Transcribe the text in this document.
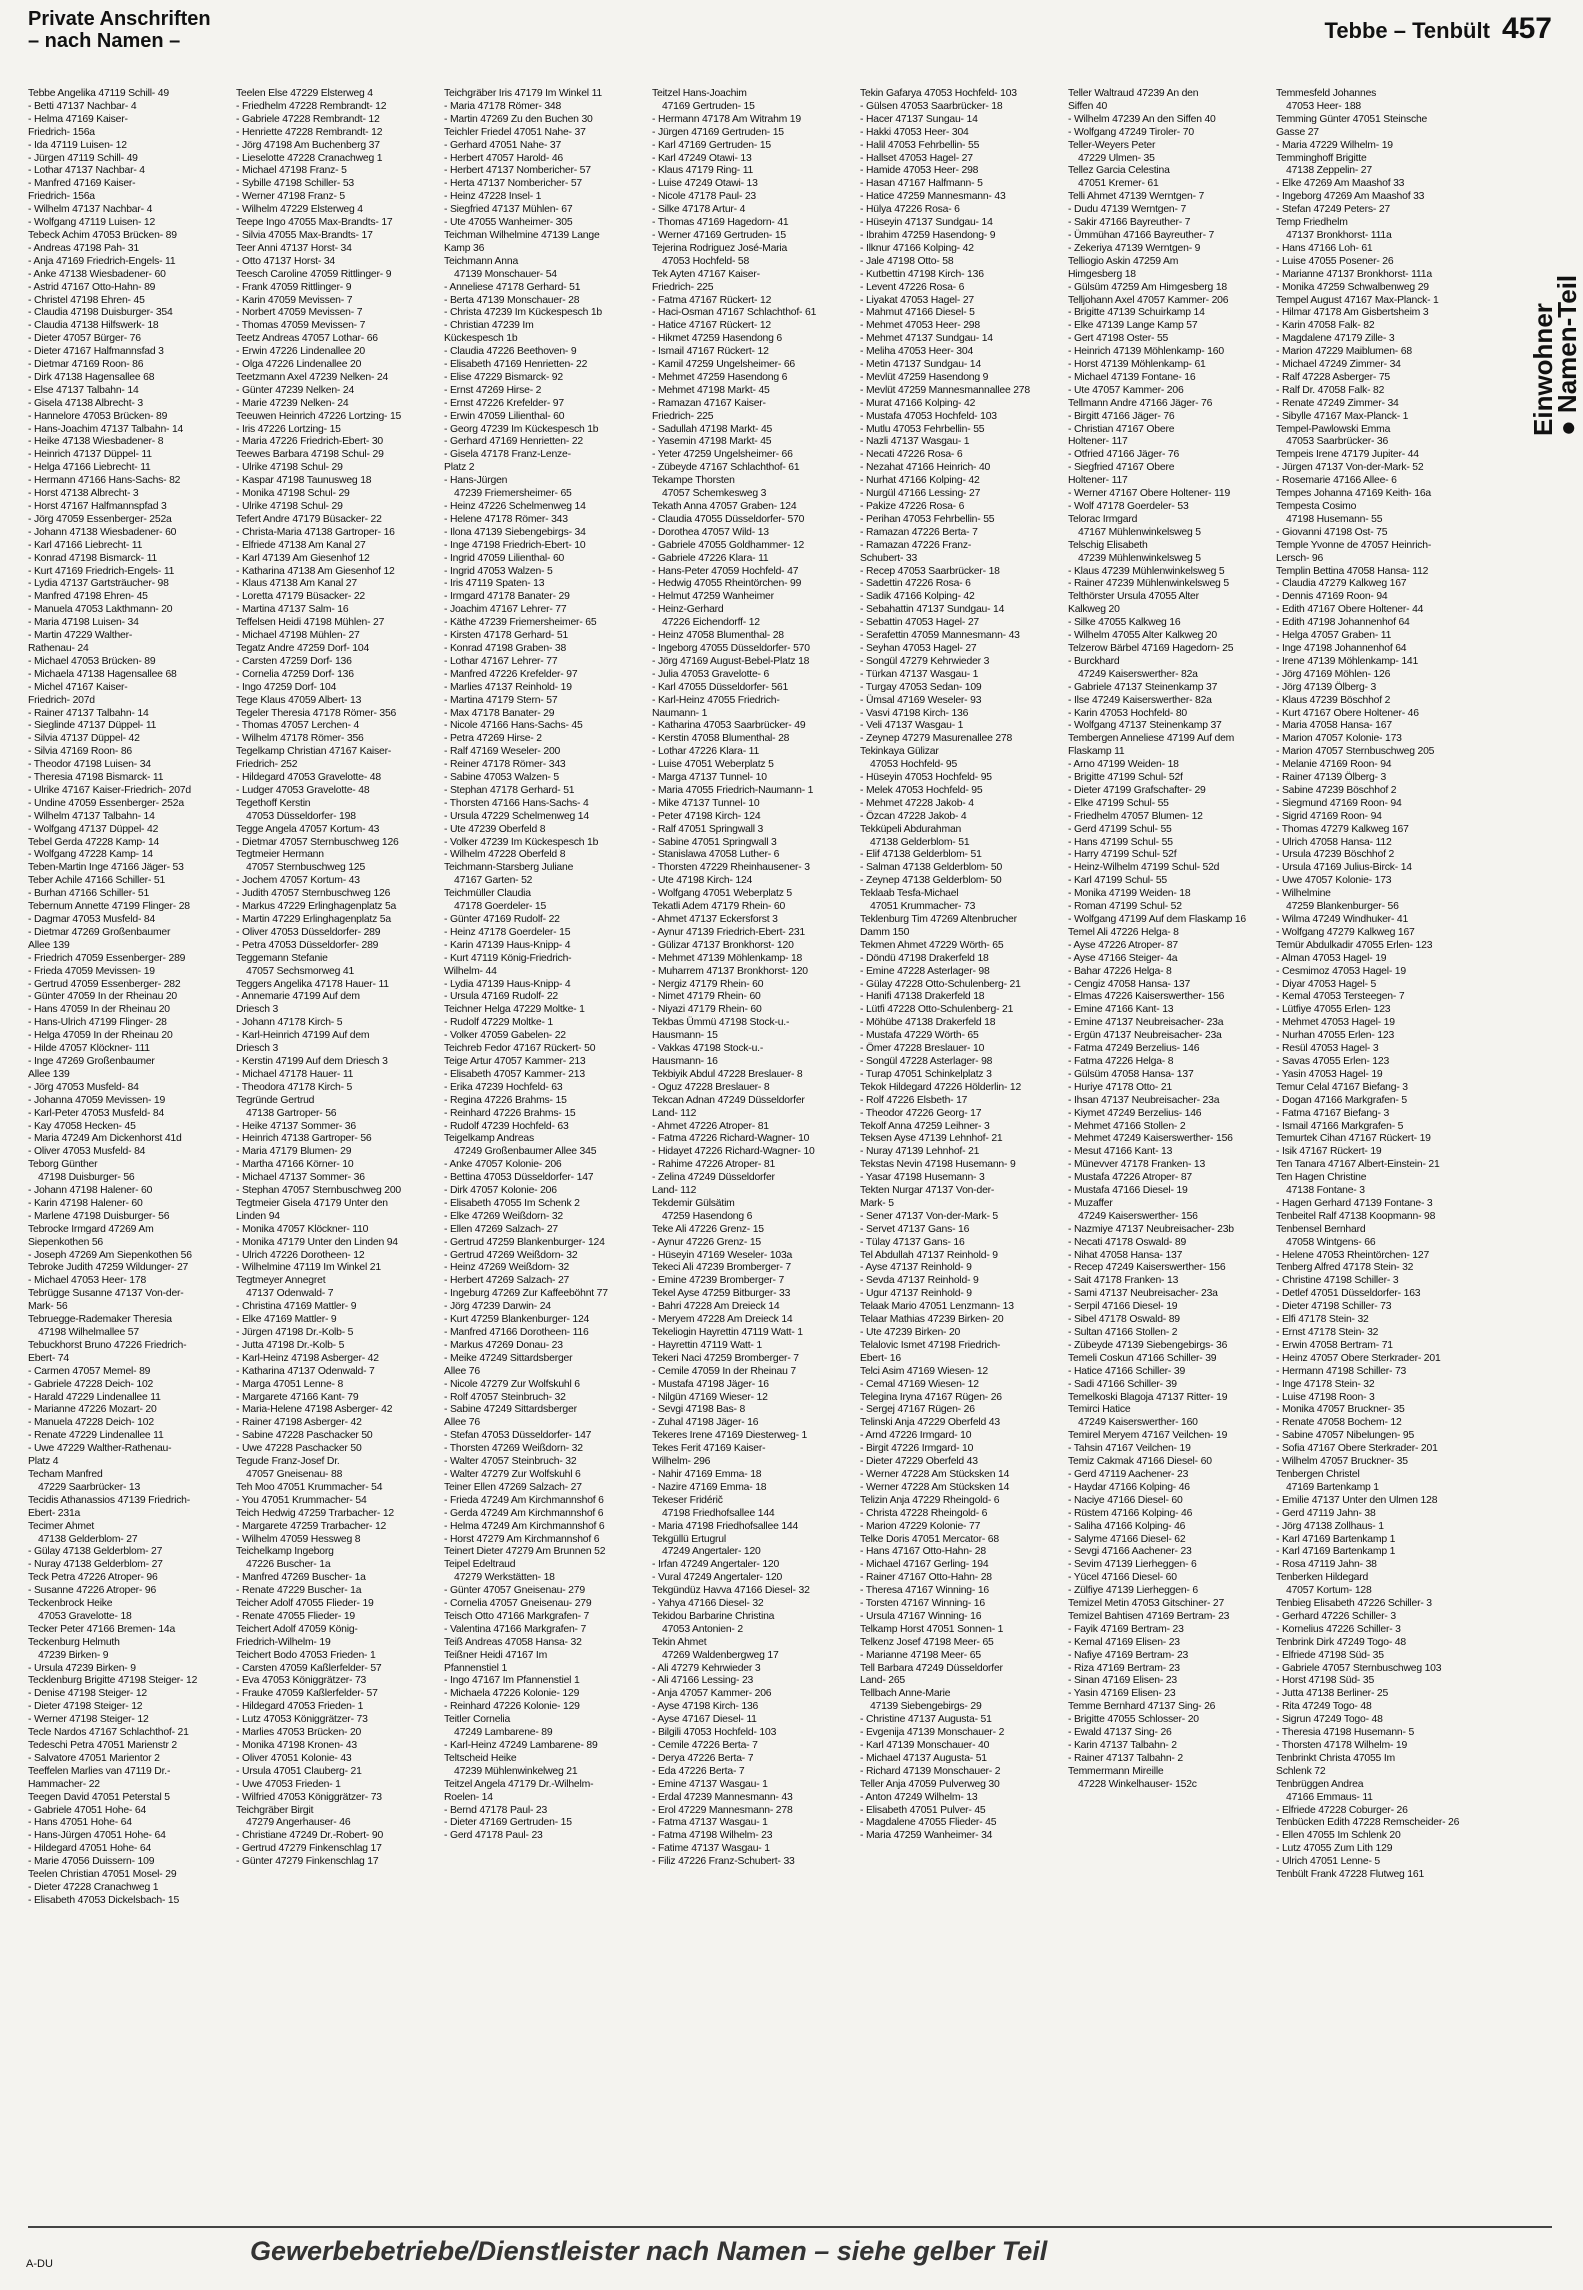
Private Anschriften
– nach Namen –	Tebbe – Tenbült 457
Tebbe Angelika 47119 Schill- 49
- Betti 47137 Nachbar- 4
- Helma 47169 Kaiser-
Friedrich- 156a
- Ida 47119 Luisen- 12
- Jürgen 47119 Schill- 49
- Lothar 47137 Nachbar- 4
- Manfred 47169 Kaiser-
Friedrich- 156a
- Wilhelm 47137 Nachbar- 4
- Wolfgang 47119 Luisen- 12
Tebeck Achim 47053 Brücken- 89
- Andreas 47198 Pah- 31
- Anja 47169 Friedrich-Engels- 11
- Anke 47138 Wiesbadener- 60
- Astrid 47167 Otto-Hahn- 89
- Christel 47198 Ehren- 45
- Claudia 47198 Duisburger- 354
- Claudia 47138 Hilfswerk- 18
- Dieter 47057 Bürger- 76
- Dieter 47167 Halfmannsfad 3
- Dietmar 47169 Roon- 86
- Dirk 47138 Hagensallee 68
- Else 47137 Talbahn- 14
- Gisela 47138 Albrecht- 3
- Hannelore 47053 Brücken- 89
- Hans-Joachim 47137 Talbahn- 14
- Heike 47138 Wiesbadener- 8
- Heinrich 47137 Düppel- 11
- Helga 47166 Liebrecht- 11
- Hermann 47166 Hans-Sachs- 82
- Horst 47138 Albrecht- 3
- Horst 47167 Halfmannspfad 3
- Jörg 47059 Essenberger- 252a
- Johann 47138 Wiesbadener- 60
- Karl 47166 Liebrecht- 11
- Konrad 47198 Bismarck- 11
- Kurt 47169 Friedrich-Engels- 11
- Lydia 47137 Gartsträucher- 98
- Manfred 47198 Ehren- 45
- Manuela 47053 Lakthmann- 20
- Maria 47198 Luisen- 34
- Martin 47229 Walther-
Rathenau- 24
- Michael 47053 Brücken- 89
- Michaela 47138 Hagensallee 68
- Michel 47167 Kaiser-
Friedrich- 207d
- Rainer 47137 Talbahn- 14
- Sieglinde 47137 Düppel- 11
- Silvia 47137 Düppel- 42
- Silvia 47169 Roon- 86
- Theodor 47198 Luisen- 34
- Theresia 47198 Bismarck- 11
- Ulrike 47167 Kaiser-Friedrich- 207d
- Undine 47059 Essenberger- 252a
- Wilhelm 47137 Talbahn- 14
- Wolfgang 47137 Düppel- 42
Tebel Gerda 47228 Kamp- 14
- Wolfgang 47228 Kamp- 14
Teben-Martin Inge 47166 Jäger- 53
Teber Achile 47166 Schiller- 51
- Burhan 47166 Schiller- 51
Tebernum Annette 47199 Flinger- 28
- Dagmar 47053 Musfeld- 84
- Dietmar 47269 Großenbaumer
Allee 139
- Friedrich 47059 Essenberger- 289
- Frieda 47059 Mevissen- 19
- Gertrud 47059 Essenberger- 282
- Günter 47059 In der Rheinau 20
- Hans 47059 In der Rheinau 20
- Hans-Ulrich 47199 Flinger- 28
- Helga 47059 In der Rheinau 20
- Hilde 47057 Klöckner- 111
- Inge 47269 Großenbaumer
Allee 139
- Jörg 47053 Musfeld- 84
- Johanna 47059 Mevissen- 19
- Karl-Peter 47053 Musfeld- 84
- Kay 47058 Hecken- 45
- Maria 47249 Am Dickenhorst 41d
- Oliver 47053 Musfeld- 84
Teborg Günther
47198 Duisburger- 56
- Johann 47198 Halener- 60
- Karin 47198 Halener- 60
- Marlene 47198 Duisburger- 56
Tebrocke Irmgard 47269 Am
Siepenkothen 56
- Joseph 47269 Am Siepenkothen 56
Tebroke Judith 47259 Wildunger- 27
- Michael 47053 Heer- 178
Tebrügge Susanne 47137 Von-der-
Mark- 56
Tebruegge-Rademaker Theresia
47198 Wilhelmallee 57
Tebuckhorst Bruno 47226 Friedrich-
Ebert- 74
- Carmen 47057 Memel- 89
- Gabriele 47228 Deich- 102
- Harald 47229 Lindenallee 11
- Marianne 47226 Mozart- 20
- Manuela 47228 Deich- 102
- Renate 47229 Lindenallee 11
- Uwe 47229 Walther-Rathenau-
Platz 4
Techam Manfred
47229 Saarbrücker- 13
Tecidis Athanassios 47139 Friedrich-
Ebert- 231a
Tecimer Ahmet
47138 Gelderblom- 27
- Gülay 47138 Gelderblom- 27
- Nuray 47138 Gelderblom- 27
Teck Petra 47226 Atroper- 96
- Susanne 47226 Atroper- 96
Teckenbrock Heike
47053 Gravelotte- 18
Tecker Peter 47166 Bremen- 14a
Teckenburg Helmuth
47239 Birken- 9
- Ursula 47239 Birken- 9
Tecklenburg Brigitte 47198 Steiger- 12
- Denise 47198 Steiger- 12
- Dieter 47198 Steiger- 12
- Werner 47198 Steiger- 12
Tecle Nardos 47167 Schlachthof- 21
Tedeschi Petra 47051 Marienstr 2
- Salvatore 47051 Marientor 2
Teeffelen Marlies van 47119 Dr.-
Hammacher- 22
Teegen David 47051 Peterstal 5
- Gabriele 47051 Hohe- 64
- Hans 47051 Hohe- 64
- Hans-Jürgen 47051 Hohe- 64
- Hildegard 47051 Hohe- 64
- Marie 47056 Duissern- 109
Teelen Christian 47051 Mosel- 29
- Dieter 47228 Cranachweg 1
- Elisabeth 47053 Dickelsbach- 15
Teelen Else 47229 Elsterweg 4
- Friedhelm 47228 Rembrandt- 12
- Gabriele 47228 Rembrandt- 12
- Henriette 47228 Rembrandt- 12
- Jörg 47198 Am Buchenberg 37
- Lieselotte 47228 Cranachweg 1
- Michael 47198 Franz- 5
- Sybille 47198 Schiller- 53
- Werner 47198 Franz- 5
- Wilhelm 47229 Elsterweg 4
Teepe Ingo 47055 Max-Brandts- 17
- Silvia 47055 Max-Brandts- 17
Teer Anni 47137 Horst- 34
- Otto 47137 Horst- 34
Teesch Caroline 47059 Rittlinger- 9
- Frank 47059 Rittlinger- 9
- Karin 47059 Mevissen- 7
- Norbert 47059 Mevissen- 7
- Thomas 47059 Mevissen- 7
Teetz Andreas 47057 Lothar- 66
- Erwin 47226 Lindenallee 20
- Olga 47226 Lindenallee 20
Teetzmann Axel 47239 Nelken- 24
- Günter 47239 Nelken- 24
- Marie 47239 Nelken- 24
Teeuwen Heinrich 47226 Lortzing- 15
- Iris 47226 Lortzing- 15
- Maria 47226 Friedrich-Ebert- 30
Teewes Barbara 47198 Schul- 29
- Ulrike 47198 Schul- 29
- Kaspar 47198 Taunusweg 18
- Monika 47198 Schul- 29
- Ulrike 47198 Schul- 29
Tefert Andre 47179 Büsacker- 22
- Christa-Maria 47138 Gartroper- 16
- Elfriede 47138 Am Kanal 27
- Karl 47139 Am Giesenhof 12
- Katharina 47138 Am Giesenhof 12
- Klaus 47138 Am Kanal 27
- Loretta 47179 Büsacker- 22
- Martina 47137 Salm- 16
Teffelsen Heidi 47198 Mühlen- 27
- Michael 47198 Mühlen- 27
Tegatz Andre 47259 Dorf- 104
- Carsten 47259 Dorf- 136
- Cornelia 47259 Dorf- 136
- Ingo 47259 Dorf- 104
Tege Klaus 47059 Albert- 13
Tegeler Theresia 47178 Römer- 356
- Thomas 47057 Lerchen- 4
- Wilhelm 47178 Römer- 356
Tegelkamp Christian 47167 Kaiser-
Friedrich- 252
- Hildegard 47053 Gravelotte- 48
- Ludger 47053 Gravelotte- 48
Tegethoff Kerstin
47053 Düsseldorfer- 198
Tegge Angela 47057 Kortum- 43
- Dietmar 47057 Sternbuschweg 126
Tegtmeier Hermann
47057 Sternbuschweg 125
- Jochem 47057 Kortum- 43
- Judith 47057 Sternbuschweg 126
- Markus 47229 Erlinghagenplatz 5a
- Martin 47229 Erlinghagenplatz 5a
- Oliver 47053 Düsseldorfer- 289
- Petra 47053 Düsseldorfer- 289
Teggemann Stefanie
47057 Sechsmorweg 41
Teggers Angelika 47178 Hauer- 11
- Annemarie 47199 Auf dem
Driesch 3
- Johann 47178 Kirch- 5
- Karl-Heinrich 47199 Auf dem
Driesch 3
- Kerstin 47199 Auf dem Driesch 3
- Michael 47178 Hauer- 11
- Theodora 47178 Kirch- 5
Tegründe Gertrud
47138 Gartroper- 56
- Heike 47137 Sommer- 36
- Heinrich 47138 Gartroper- 56
- Maria 47179 Blumen- 29
- Martha 47166 Körner- 10
- Michael 47137 Sommer- 36
- Stephan 47057 Sternbuschweg 200
Tegtmeier Gisela 47179 Unter den
Linden 94
- Monika 47057 Klöckner- 110
- Monika 47179 Unter den Linden 94
- Ulrich 47226 Dorotheen- 12
- Wilhelmine 47119 Im Winkel 21
Tegtmeyer Annegret
47137 Odenwald- 7
- Christina 47169 Mattler- 9
- Elke 47169 Mattler- 9
- Jürgen 47198 Dr.-Kolb- 5
- Jutta 47198 Dr.-Kolb- 5
- Karl-Heinz 47198 Asberger- 42
- Katharina 47137 Odenwald- 7
- Marga 47051 Lenne- 8
- Margarete 47166 Kant- 79
- Maria-Helene 47198 Asberger- 42
- Rainer 47198 Asberger- 42
- Sabine 47228 Paschacker 50
- Uwe 47228 Paschacker 50
Tegude Franz-Josef Dr.
47057 Gneisenau- 88
Teh Moo 47051 Krummacher- 54
- You 47051 Krummacher- 54
Teich Hedwig 47259 Trarbacher- 12
- Margarete 47259 Trarbacher- 12
- Wilhelm 47059 Hessweg 8
Teichelkamp Ingeborg
47226 Buscher- 1a
- Manfred 47269 Buscher- 1a
- Renate 47229 Buscher- 1a
Teicher Adolf 47055 Flieder- 19
- Renate 47055 Flieder- 19
Teichert Adolf 47059 König-
Friedrich-Wilhelm- 19
Teichert Bodo 47053 Frieden- 1
- Carsten 47059 Kaßlerfelder- 57
- Eva 47053 Königgrätzer- 73
- Frauke 47059 Kaßlerfelder- 57
- Hildegard 47053 Frieden- 1
- Lutz 47053 Königgrätzer- 73
- Marlies 47053 Brücken- 20
- Monika 47198 Kronen- 43
- Oliver 47051 Kolonie- 43
- Ursula 47051 Clauberg- 21
- Uwe 47053 Frieden- 1
- Wilfried 47053 Königgrätzer- 73
Teichgräber Birgit
47279 Angerhauser- 46
- Christiane 47249 Dr.-Robert- 90
- Gertrud 47279 Finkenschlag 17
- Günter 47279 Finkenschlag 17
Teichgräber Iris 47179 Im Winkel 11
- Maria 47178 Römer- 348
- Martin 47269 Zu den Buchen 30
Teichler Friedel 47051 Nahe- 37
- Gerhard 47051 Nahe- 37
- Herbert 47057 Harold- 46
- Herbert 47137 Nombericher- 57
- Herta 47137 Nombericher- 57
- Heinz 47228 Insel- 1
- Siegfried 47137 Mühlen- 67
- Ute 47055 Wanheimer- 305
Teichman Wilhelmine 47139 Lange
Kamp 36
Teichmann Anna
47139 Monschauer- 54
- Anneliese 47178 Gerhard- 51
- Berta 47139 Monschauer- 28
- Christa 47239 Im Kückespesch 1b
- Christian 47239 Im
Kückespesch 1b
- Claudia 47226 Beethoven- 9
- Elisabeth 47169 Henrietten- 22
- Elise 47229 Bismarck- 92
- Ernst 47269 Hirse- 2
- Ernst 47226 Krefelder- 97
- Erwin 47059 Lilienthal- 60
- Georg 47239 Im Kückespesch 1b
- Gerhard 47169 Henrietten- 22
- Gisela 47178 Franz-Lenze-
Platz 2
- Hans-Jürgen
47239 Friemersheimer- 65
- Heinz 47226 Schelmenweg 14
- Helene 47178 Römer- 343
- Ilona 47139 Siebengebirgs- 34
- Inge 47198 Friedrich-Ebert- 10
- Ingrid 47059 Lilienthal- 60
- Ingrid 47053 Walzen- 5
- Iris 47119 Spaten- 13
- Irmgard 47178 Banater- 29
- Joachim 47167 Lehrer- 77
- Käthe 47239 Friemersheimer- 65
- Kirsten 47178 Gerhard- 51
- Konrad 47198 Graben- 38
- Lothar 47167 Lehrer- 77
- Manfred 47226 Krefelder- 97
- Marlies 47137 Reinhold- 19
- Martina 47179 Stern- 57
- Max 47178 Banater- 29
- Nicole 47166 Hans-Sachs- 45
- Petra 47269 Hirse- 2
- Ralf 47169 Weseler- 200
- Reiner 47178 Römer- 343
- Sabine 47053 Walzen- 5
- Stephan 47178 Gerhard- 51
- Thorsten 47166 Hans-Sachs- 4
- Ursula 47229 Schelmenweg 14
- Ute 47239 Oberfeld 8
- Volker 47239 Im Kückespesch 1b
- Wilhelm 47228 Oberfeld 8
Teichmann-Starsberg Juliane
47167 Garten- 52
Teichmüller Claudia
47178 Goerdeler- 15
- Günter 47169 Rudolf- 22
- Heinz 47178 Goerdeler- 15
- Karin 47139 Haus-Knipp- 4
- Kurt 47119 König-Friedrich-
Wilhelm- 44
- Lydia 47139 Haus-Knipp- 4
- Ursula 47169 Rudolf- 22
Teichner Helga 47229 Moltke- 1
- Rudolf 47229 Moltke- 1
- Volker 47059 Gabelen- 22
Teichreb Fedor 47167 Rückert- 50
Teige Artur 47057 Kammer- 213
- Elisabeth 47057 Kammer- 213
- Erika 47239 Hochfeld- 63
- Regina 47226 Brahms- 15
- Reinhard 47226 Brahms- 15
- Rudolf 47239 Hochfeld- 63
Teigelkamp Andreas
47249 Großenbaumer Allee 345
- Anke 47057 Kolonie- 206
- Bettina 47053 Düsseldorfer- 147
- Dirk 47057 Kolonie- 206
- Elisabeth 47055 Im Schenk 2
- Elke 47269 Weißdorn- 32
- Ellen 47269 Salzach- 27
- Gertrud 47259 Blankenburger- 124
- Gertrud 47269 Weißdorn- 32
- Heinz 47269 Weißdorn- 32
- Herbert 47269 Salzach- 27
- Ingeburg 47269 Zur Kaffeeböhnt 77
- Jörg 47239 Darwin- 24
- Kurt 47259 Blankenburger- 124
- Manfred 47166 Dorotheen- 116
- Markus 47269 Donau- 23
- Meike 47249 Sittardsberger
Allee 76
- Nicole 47279 Zur Wolfskuhl 6
- Rolf 47057 Steinbruch- 32
- Sabine 47249 Sittardsberger
Allee 76
- Stefan 47053 Düsseldorfer- 147
- Thorsten 47269 Weißdorn- 32
- Walter 47057 Steinbruch- 32
- Walter 47279 Zur Wolfskuhl 6
Teiner Ellen 47269 Salzach- 27
- Frieda 47249 Am Kirchmannshof 6
- Gerda 47249 Am Kirchmannshof 6
- Helma 47249 Am Kirchmannshof 6
- Horst 47279 Am Kirchmannshof 6
Teinert Dieter 47279 Am Brunnen 52
Teipel Edeltraud
47279 Werkstätten- 18
- Günter 47057 Gneisenau- 279
- Cornelia 47057 Gneisenau- 279
Teisch Otto 47166 Markgrafen- 7
- Valentina 47166 Markgrafen- 7
Teiß Andreas 47058 Hansa- 32
Teißner Heidi 47167 Im
Pfannenstiel 1
- Ingo 47167 Im Pfannenstiel 1
- Michaela 47226 Kolonie- 129
- Reinhard 47226 Kolonie- 129
Teitler Cornelia
47249 Lambarene- 89
- Karl-Heinz 47249 Lambarene- 89
Teltscheid Heike
47239 Mühlenwinkelweg 21
Teitzel Angela 47179 Dr.-Wilhelm-
Roelen- 14
- Bernd 47178 Paul- 23
- Dieter 47169 Gertruden- 15
- Gerd 47178 Paul- 23
Teitzel Hans-Joachim
47169 Gertruden- 15
- Hermann 47178 Am Witrahm 19
- Jürgen 47169 Gertruden- 15
- Karl 47169 Gertruden- 15
- Karl 47249 Otawi- 13
- Klaus 47179 Ring- 11
- Luise 47249 Otawi- 13
- Nicole 47178 Paul- 23
- Silke 47178 Artur- 4
- Thomas 47169 Hagedorn- 41
- Werner 47169 Gertruden- 15
Tejerina Rodriguez José-Maria
47053 Hochfeld- 58
Tek Ayten 47167 Kaiser-
Friedrich- 225
- Fatma 47167 Rückert- 12
- Haci-Osman 47167 Schlachthof- 61
- Hatice 47167 Rückert- 12
- Hikmet 47259 Hasendong 6
- Ismail 47167 Rückert- 12
- Kamil 47259 Ungelsheimer- 66
- Mehmet 47259 Hasendong 6
- Mehmet 47198 Markt- 45
- Ramazan 47167 Kaiser-
Friedrich- 225
- Sadullah 47198 Markt- 45
- Yasemin 47198 Markt- 45
- Yeter 47259 Ungelsheimer- 66
- Zübeyde 47167 Schlachthof- 61
Tekampe Thorsten
47057 Schemkesweg 3
Tekath Anna 47057 Graben- 124
- Claudia 47055 Düsseldorfer- 570
- Dorothea 47057 Wild- 13
- Gabriele 47055 Goldhammer- 12
- Gabriele 47226 Klara- 11
- Hans-Peter 47059 Hochfeld- 47
- Hedwig 47055 Rheintörchen- 99
- Helmut 47259 Wanheimer
- Heinz-Gerhard
47226 Eichendorff- 12
- Heinz 47058 Blumenthal- 28
- Ingeborg 47055 Düsseldorfer- 570
- Jörg 47169 August-Bebel-Platz 18
- Julia 47053 Gravelotte- 6
- Karl 47055 Düsseldorfer- 561
- Karl-Heinz 47055 Friedrich-
Naumann- 1
- Katharina 47053 Saarbrücker- 49
- Kerstin 47058 Blumenthal- 28
- Lothar 47226 Klara- 11
- Luise 47051 Weberplatz 5
- Marga 47137 Tunnel- 10
- Maria 47055 Friedrich-Naumann- 1
- Mike 47137 Tunnel- 10
- Peter 47198 Kirch- 124
- Ralf 47051 Springwall 3
- Sabine 47051 Springwall 3
- Stanislawa 47058 Luther- 6
- Thorsten 47229 Rheinhausener- 3
- Ute 47198 Kirch- 124
- Wolfgang 47051 Weberplatz 5
Tekatli Adem 47179 Rhein- 60
- Ahmet 47137 Eckersforst 3
- Aynur 47139 Friedrich-Ebert- 231
- Gülizar 47137 Bronkhorst- 120
- Mehmet 47139 Möhlenkamp- 18
- Muharrem 47137 Bronkhorst- 120
- Nergiz 47179 Rhein- 60
- Nimet 47179 Rhein- 60
- Niyazi 47179 Rhein- 60
Tekbas Ümmü 47198 Stock-u.-
Hausmann- 15
- Vakkas 47198 Stock-u.-
Hausmann- 16
Tekbiyik Abdul 47228 Breslauer- 8
- Oguz 47228 Breslauer- 8
Tekcan Adnan 47249 Düsseldorfer
Land- 112
- Ahmet 47226 Atroper- 81
- Fatma 47226 Richard-Wagner- 10
- Hidayet 47226 Richard-Wagner- 10
- Rahime 47226 Atroper- 81
- Zelina 47249 Düsseldorfer
Land- 112
Tekdemir Gülsätim
47259 Hasendong 6
Teke Ali 47226 Grenz- 15
- Aynur 47226 Grenz- 15
- Hüseyin 47169 Weseler- 103a
Tekeci Ali 47239 Bromberger- 7
- Emine 47239 Bromberger- 7
Tekel Ayse 47259 Bitburger- 33
- Bahri 47228 Am Dreieck 14
- Meryem 47228 Am Dreieck 14
Tekeliogin Hayrettin 47119 Watt- 1
- Hayrettin 47119 Watt- 1
Tekeri Naci 47259 Bromberger- 7
- Cemile 47059 In der Rheinau 7
- Mustafa 47198 Jäger- 16
- Nilgün 47169 Wieser- 12
- Sevgi 47198 Bas- 8
- Zuhal 47198 Jäger- 16
Tekeres Irene 47169 Diesterweg- 1
Tekes Ferit 47169 Kaiser-
Wilhelm- 296
- Nahir 47169 Emma- 18
- Nazire 47169 Emma- 18
Tekeser Fridérič
47198 Friedhofsallee 144
- Maria 47198 Friedhofsallee 144
Tekgüllü Ertugrul
47249 Angertaler- 120
- Irfan 47249 Angertaler- 120
- Vural 47249 Angertaler- 120
Tekgündüz Havva 47166 Diesel- 32
- Yahya 47166 Diesel- 32
Tekidou Barbarine Christina
47053 Antonien- 2
Tekin Ahmet
47269 Waldenbergweg 17
- Ali 47279 Kehrwieder 3
- Ali 47166 Lessing- 23
- Anja 47057 Kammer- 206
- Ayse 47198 Kirch- 136
- Ayse 47167 Diesel- 11
- Bilgili 47053 Hochfeld- 103
- Cemile 47226 Berta- 7
- Derya 47226 Berta- 7
- Eda 47226 Berta- 7
- Emine 47137 Wasgau- 1
- Erdal 47239 Mannesmann- 43
- Erol 47229 Mannesmann- 278
- Fatma 47137 Wasgau- 1
- Fatma 47198 Wilhelm- 23
- Fatime 47137 Wasgau- 1
- Filiz 47226 Franz-Schubert- 33
Tekin Gafarya 47053 Hochfeld- 103
- Gülsen 47053 Saarbrücker- 18
- Hacer 47137 Sungau- 14
- Hakki 47053 Heer- 304
- Halil 47053 Fehrbellin- 55
- Hallset 47053 Hagel- 27
- Hamide 47053 Heer- 298
- Hasan 47167 Halfmann- 5
- Hatice 47259 Mannesmann- 43
- Hülya 47226 Rosa- 6
- Hüseyin 47137 Sundgau- 14
- Ibrahim 47259 Hasendong- 9
- Ilknur 47166 Kolping- 42
- Jale 47198 Otto- 58
- Kutbettin 47198 Kirch- 136
- Levent 47226 Rosa- 6
- Liyakat 47053 Hagel- 27
- Mahmut 47166 Diesel- 5
- Mehmet 47053 Heer- 298
- Mehmet 47137 Sundgau- 14
- Meliha 47053 Heer- 304
- Metin 47137 Sundgau- 14
- Mevlüt 47259 Hasendong 9
- Mevlüt 47259 Mannesmannallee 278
- Murat 47166 Kolping- 42
- Mustafa 47053 Hochfeld- 103
- Mutlu 47053 Fehrbellin- 55
- Nazli 47137 Wasgau- 1
- Necati 47226 Rosa- 6
- Nezahat 47166 Heinrich- 40
- Nurhat 47166 Kolping- 42
- Nurgül 47166 Lessing- 27
- Pakize 47226 Rosa- 6
- Perihan 47053 Fehrbellin- 55
- Ramazan 47226 Berta- 7
- Ramazan 47226 Franz-
Schubert- 33
- Recep 47053 Saarbrücker- 18
- Sadettin 47226 Rosa- 6
- Sadik 47166 Kolping- 42
- Sebahattin 47137 Sundgau- 14
- Sebattin 47053 Hagel- 27
- Serafettin 47059 Mannesmann- 43
- Seyhan 47053 Hagel- 27
- Songül 47279 Kehrwieder 3
- Türkan 47137 Wasgau- 1
- Turgay 47053 Sedan- 109
- Ümsal 47169 Weseler- 93
- Vasvi 47198 Kirch- 136
- Veli 47137 Wasgau- 1
- Zeynep 47279 Masurenallee 278
Tekinkaya Gülizar
47053 Hochfeld- 95
- Hüseyin 47053 Hochfeld- 95
- Melek 47053 Hochfeld- 95
- Mehmet 47228 Jakob- 4
- Özcan 47228 Jakob- 4
Tekküpeli Abdurahman
47138 Gelderblom- 51
- Elif 47138 Gelderblom- 51
- Salman 47138 Gelderblom- 50
- Zeynep 47138 Gelderblom- 50
Teklaab Tesfa-Michael
47051 Krummacher- 73
Teklenburg Tim 47269 Altenbrucher
Damm 150
Tekmen Ahmet 47229 Wörth- 65
- Döndü 47198 Drakerfeld 18
- Emine 47228 Asterlager- 98
- Gülay 47228 Otto-Schulenberg- 21
- Hanifi 47138 Drakerfeld 18
- Lütfi 47228 Otto-Schulenberg- 21
- Möhübe 47138 Drakerfeld 18
- Mustafa 47229 Wörth- 65
- Ömer 47228 Breslauer- 10
- Songül 47228 Asterlager- 98
- Turap 47051 Schinkelplatz 3
Tekok Hildegard 47226 Hölderlin- 12
- Rolf 47226 Elsbeth- 17
- Theodor 47226 Georg- 17
Tekolf Anna 47259 Leihner- 3
Teksen Ayse 47139 Lehnhof- 21
- Nuray 47139 Lehnhof- 21
Tekstas Nevin 47198 Husemann- 9
- Yasar 47198 Husemann- 3
Tekten Nurgar 47137 Von-der-
Mark- 5
- Sener 47137 Von-der-Mark- 5
- Servet 47137 Gans- 16
- Tülay 47137 Gans- 16
Tel Abdullah 47137 Reinhold- 9
- Ayse 47137 Reinhold- 9
- Sevda 47137 Reinhold- 9
- Ugur 47137 Reinhold- 9
Telaak Mario 47051 Lenzmann- 13
Telaar Mathias 47239 Birken- 20
- Ute 47239 Birken- 20
Telalovic Ismet 47198 Friedrich-
Ebert- 16
Telci Asim 47169 Wiesen- 12
- Cemal 47169 Wiesen- 12
Telegina Iryna 47167 Rügen- 26
- Sergej 47167 Rügen- 26
Telinski Anja 47229 Oberfeld 43
- Arnd 47226 Irmgard- 10
- Birgit 47226 Irmgard- 10
- Dieter 47229 Oberfeld 43
- Werner 47228 Am Stücksken 14
- Werner 47228 Am Stücksken 14
Telizin Anja 47229 Rheingold- 6
- Christa 47228 Rheingold- 6
- Marion 47229 Kolonie- 77
Telke Doris 47051 Mercator- 68
- Hans 47167 Otto-Hahn- 28
- Michael 47167 Gerling- 194
- Rainer 47167 Otto-Hahn- 28
- Theresa 47167 Winning- 16
- Torsten 47167 Winning- 16
- Ursula 47167 Winning- 16
Telkamp Horst 47051 Sonnen- 1
Telkenz Josef 47198 Meer- 65
- Marianne 47198 Meer- 65
Tell Barbara 47249 Düsseldorfer
Land- 265
Tellbach Anne-Marie
47139 Siebengebirgs- 29
- Christine 47137 Augusta- 51
- Evgenija 47139 Monschauer- 2
- Karl 47139 Monschauer- 40
- Michael 47137 Augusta- 51
- Richard 47139 Monschauer- 2
Teller Anja 47059 Pulverweg 30
- Anton 47249 Wilhelm- 13
- Elisabeth 47051 Pulver- 45
- Magdalene 47055 Flieder- 45
- Maria 47259 Wanheimer- 34
Teller Waltraud 47239 An den
Siffen 40
- Wilhelm 47239 An den Siffen 40
- Wolfgang 47249 Tiroler- 70
Teller-Weyers Peter
47229 Ulmen- 35
Tellez Garcia Celestina
47051 Kremer- 61
Telli Ahmet 47139 Werntgen- 7
- Dudu 47139 Werntgen- 7
- Sakir 47166 Bayreuther- 7
- Ümmühan 47166 Bayreuther- 7
- Zekeriya 47139 Werntgen- 9
Telliogio Askin 47259 Am
Himgesberg 18
- Gülsüm 47259 Am Himgesberg 18
Telljohann Axel 47057 Kammer- 206
- Brigitte 47139 Schuirkamp 14
- Elke 47139 Lange Kamp 57
- Gert 47198 Oster- 55
- Heinrich 47139 Möhlenkamp- 160
- Horst 47139 Möhlenkamp- 61
- Michael 47139 Fontane- 16
- Ute 47057 Kammer- 206
Tellmann Andre 47166 Jäger- 76
- Birgitt 47166 Jäger- 76
- Christian 47167 Obere
Holtener- 117
- Otfried 47166 Jäger- 76
- Siegfried 47167 Obere
Holtener- 117
- Werner 47167 Obere Holtener- 119
- Wolf 47178 Goerdeler- 53
Telorac Irmgard
47167 Mühlenwinkelsweg 5
Telschig Elisabeth
47239 Mühlenwinkelsweg 5
- Klaus 47239 Mühlenwinkelsweg 5
- Rainer 47239 Mühlenwinkelsweg 5
Telthörster Ursula 47055 Alter
Kalkweg 20
- Silke 47055 Kalkweg 16
- Wilhelm 47055 Alter Kalkweg 20
Telzerow Bärbel 47169 Hagedorn- 25
- Burckhard
47249 Kaiserswerther- 82a
- Gabriele 47137 Steinenkamp 37
- Ilse 47249 Kaiserswerther- 82a
- Karin 47053 Hochfeld- 80
- Wolfgang 47137 Steinenkamp 37
Tembergen Anneliese 47199 Auf dem
Flaskamp 11
- Arno 47199 Weiden- 18
- Brigitte 47199 Schul- 52f
- Dieter 47199 Grafschafter- 29
- Elke 47199 Schul- 55
- Friedhelm 47057 Blumen- 12
- Gerd 47199 Schul- 55
- Hans 47199 Schul- 55
- Harry 47199 Schul- 52f
- Heinz-Wilhelm 47199 Schul- 52d
- Karl 47199 Schul- 55
- Monika 47199 Weiden- 18
- Roman 47199 Schul- 52
- Wolfgang 47199 Auf dem Flaskamp 16
Temel Ali 47226 Helga- 8
- Ayse 47226 Atroper- 87
- Ayse 47166 Steiger- 4a
- Bahar 47226 Helga- 8
- Cengiz 47058 Hansa- 137
- Elmas 47226 Kaiserswerther- 156
- Emine 47166 Kant- 13
- Emine 47137 Neubreisacher- 23a
- Ergün 47137 Neubreisacher- 23a
- Fatma 47249 Berzelius- 146
- Fatma 47226 Helga- 8
- Gülsüm 47058 Hansa- 137
- Huriye 47178 Otto- 21
- Ihsan 47137 Neubreisacher- 23a
- Kiymet 47249 Berzelius- 146
- Mehmet 47166 Stollen- 2
- Mehmet 47249 Kaiserswerther- 156
- Mesut 47166 Kant- 13
- Münevver 47178 Franken- 13
- Mustafa 47226 Atroper- 87
- Mustafa 47166 Diesel- 19
- Muzaffer
47249 Kaiserswerther- 156
- Nazmiye 47137 Neubreisacher- 23b
- Necati 47178 Oswald- 89
- Nihat 47058 Hansa- 137
- Recep 47249 Kaiserswerther- 156
- Sait 47178 Franken- 13
- Sami 47137 Neubreisacher- 23a
- Serpil 47166 Diesel- 19
- Sibel 47178 Oswald- 89
- Sultan 47166 Stollen- 2
- Zübeyde 47139 Siebengebirgs- 36
Temeli Coskun 47166 Schiller- 39
- Hatice 47166 Schiller- 39
- Sadi 47166 Schiller- 39
Temelkoski Blagoja 47137 Ritter- 19
Temirci Hatice
47249 Kaiserswerther- 160
Temirel Meryem 47167 Veilchen- 19
- Tahsin 47167 Veilchen- 19
Temiz Cakmak 47166 Diesel- 60
- Gerd 47119 Aachener- 23
- Haydar 47166 Kolping- 46
- Naciye 47166 Diesel- 60
- Rüstem 47166 Kolping- 46
- Saliha 47166 Kolping- 46
- Salyme 47166 Diesel- 62
- Sevgi 47166 Aachener- 23
- Sevim 47139 Lierheggen- 6
- Yücel 47166 Diesel- 60
- Zülfiye 47139 Lierheggen- 6
Temizel Metin 47053 Gitschiner- 27
Temizel Bahtisen 47169 Bertram- 23
- Fayik 47169 Bertram- 23
- Kemal 47169 Elisen- 23
- Nafiye 47169 Bertram- 23
- Riza 47169 Bertram- 23
- Sinan 47169 Elisen- 23
- Yasin 47169 Elisen- 23
Temme Bernhard 47137 Sing- 26
- Brigitte 47055 Schlosser- 20
- Ewald 47137 Sing- 26
- Karin 47137 Talbahn- 2
- Rainer 47137 Talbahn- 2
Temmermann Mireille
47228 Winkelhauser- 152c
Temmesfeld Johannes
47053 Heer- 188
Temming Günter 47051 Steinsche
Gasse 27
- Maria 47229 Wilhelm- 19
Temminghoff Brigitte
47138 Zeppelin- 27
- Elke 47269 Am Maashof 33
- Ingeborg 47269 Am Maashof 33
- Stefan 47249 Peters- 27
Temp Friedhelm
47137 Bronkhorst- 111a
- Hans 47166 Loh- 61
- Luise 47055 Posener- 26
- Marianne 47137 Bronkhorst- 111a
- Monika 47259 Schwalbenweg 29
Tempel August 47167 Max-Planck- 1
- Hilmar 47178 Am Gisbertsheim 3
- Karin 47058 Falk- 82
- Magdalene 47179 Zille- 3
- Marion 47229 Maiblumen- 68
- Michael 47249 Zimmer- 34
- Ralf 47228 Asberger- 75
- Ralf Dr. 47058 Falk- 82
- Renate 47249 Zimmer- 34
- Sibylle 47167 Max-Planck- 1
Tempel-Pawlowski Emma
47053 Saarbrücker- 36
Tempeis Irene 47179 Jupiter- 44
- Jürgen 47137 Von-der-Mark- 52
- Rosemarie 47166 Allee- 6
Tempes Johanna 47169 Keith- 16a
Tempesta Cosimo
47198 Husemann- 55
- Giovanni 47198 Ost- 75
Temple Yvonne de 47057 Heinrich-
Lersch- 96
Templin Bettina 47058 Hansa- 112
- Claudia 47279 Kalkweg 167
- Dennis 47169 Roon- 94
- Edith 47167 Obere Holtener- 44
- Edith 47198 Johannenhof 64
- Helga 47057 Graben- 11
- Inge 47198 Johannenhof 64
- Irene 47139 Möhlenkamp- 141
- Jörg 47169 Möhlen- 126
- Jörg 47139 Ölberg- 3
- Klaus 47239 Böschhof 2
- Kurt 47167 Obere Holtener- 46
- Maria 47058 Hansa- 167
- Marion 47057 Kolonie- 173
- Marion 47057 Sternbuschweg 205
- Melanie 47169 Roon- 94
- Rainer 47139 Ölberg- 3
- Sabine 47239 Böschhof 2
- Siegmund 47169 Roon- 94
- Sigrid 47169 Roon- 94
- Thomas 47279 Kalkweg 167
- Ulrich 47058 Hansa- 112
- Ursula 47239 Böschhof 2
- Ursula 47169 Julius-Birck- 14
- Uwe 47057 Kolonie- 173
- Wilhelmine
47259 Blankenburger- 56
- Wilma 47249 Windhuker- 41
- Wolfgang 47279 Kalkweg 167
Temür Abdulkadir 47055 Erlen- 123
- Alman 47053 Hagel- 19
- Cesmimoz 47053 Hagel- 19
- Diyar 47053 Hagel- 5
- Kemal 47053 Tersteegen- 7
- Lütfiye 47055 Erlen- 123
- Mehmet 47053 Hagel- 19
- Nurhan 47055 Erlen- 123
- Resül 47053 Hagel- 3
- Savas 47055 Erlen- 123
- Yasin 47053 Hagel- 19
Temur Celal 47167 Biefang- 3
- Dogan 47166 Markgrafen- 5
- Fatma 47167 Biefang- 3
- Ismail 47166 Markgrafen- 5
Temurtek Cihan 47167 Rückert- 19
- Isik 47167 Rückert- 19
Ten Tanara 47167 Albert-Einstein- 21
Ten Hagen Christine
47138 Fontane- 3
- Hagen Gerhard 47139 Fontane- 3
Tenbeitel Ralf 47138 Koopmann- 98
Tenbensel Bernhard
47058 Wintgens- 66
- Helene 47053 Rheintörchen- 127
Tenberg Alfred 47178 Stein- 32
- Christine 47198 Schiller- 3
- Detlef 47051 Düsseldorfer- 163
- Dieter 47198 Schiller- 73
- Elfi 47178 Stein- 32
- Ernst 47178 Stein- 32
- Erwin 47058 Bertram- 71
- Heinz 47057 Obere Sterkrader- 201
- Hermann 47198 Schiller- 73
- Inge 47178 Stein- 32
- Luise 47198 Roon- 3
- Monika 47057 Bruckner- 35
- Renate 47058 Bochem- 12
- Sabine 47057 Nibelungen- 95
- Sofia 47167 Obere Sterkrader- 201
- Wilhelm 47057 Bruckner- 35
Tenbergen Christel
47169 Bartenkamp 1
- Emilie 47137 Unter den Ulmen 128
- Gerd 47119 Jahn- 38
- Jörg 47138 Zollhaus- 1
- Karl 47169 Bartenkamp 1
- Karl 47169 Bartenkamp 1
- Rosa 47119 Jahn- 38
Tenberken Hildegard
47057 Kortum- 128
Tenbieg Elisabeth 47226 Schiller- 3
- Gerhard 47226 Schiller- 3
- Kornelius 47226 Schiller- 3
Tenbrink Dirk 47249 Togo- 48
- Elfriede 47198 Süd- 35
- Gabriele 47057 Sternbuschweg 103
- Horst 47198 Süd- 35
- Jutta 47138 Berliner- 25
- Rita 47249 Togo- 48
- Sigrun 47249 Togo- 48
- Theresia 47198 Husemann- 5
- Thorsten 47178 Wilhelm- 19
Tenbrinkt Christa 47055 Im
Schlenk 72
Tenbrüggen Andrea
47166 Emmaus- 11
- Elfriede 47228 Coburger- 26
Tenbücken Edith 47228 Remscheider- 26
- Ellen 47055 Im Schlenk 20
- Lutz 47055 Zum Lith 129
- Ulrich 47051 Lenne- 5
Tenbült Frank 47228 Flutweg 161
Einwohner
● Namen-Teil
A-DU	Gewerbebetriebe/Dienstleister nach Namen – siehe gelber Teil
